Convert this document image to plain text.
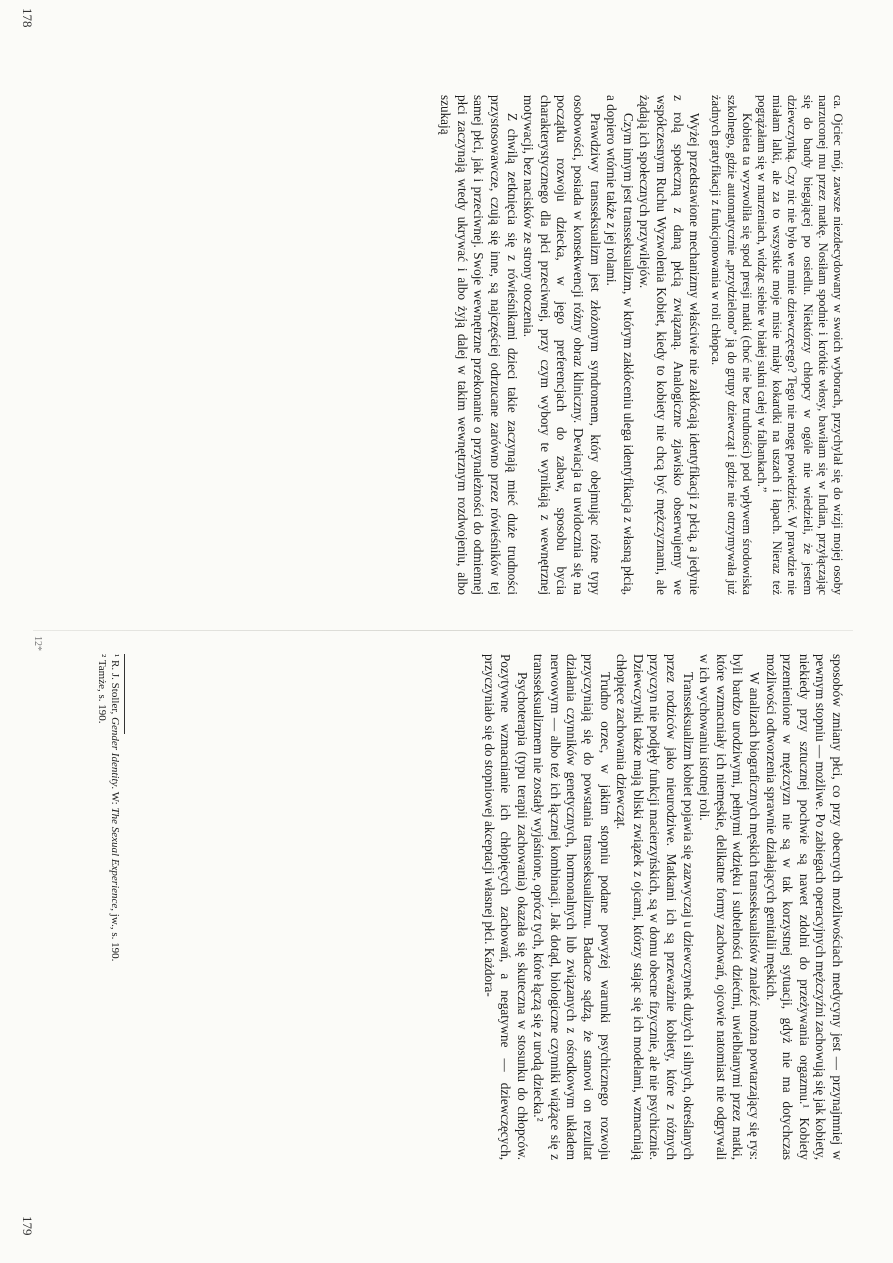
ca. Ojciec mój, zawsze niezdecydowany w swoich wyborach, przychylał się do wizji mojej osoby narzuconej mu przez matkę. Nosiłam spodnie i krótkie włosy, bawiłam się w Indian, przyłączając się do bandy biegającej po osiedlu. Niektórzy chłopcy w ogóle nie wiedzieli, że jestem dziewczynką. Czy nic nie było we mnie dziewczęcego? Tego nie mogę powiedzieć. W prawdzie nie miałam lalki, ale za to wszystkie moje misie miały kokardki na uszach i łapach. Nieraz też pogrążałam się w marzeniach, widząc siebie w białej sukni całej w falbankach.”

Kobieta ta wyzwoliła się spod presji matki (choć nie bez trudności) pod wpływem środowiska szkolnego, gdzie automatycznie „przydzielono” ją do grupy dziewcząt i gdzie nie otrzymywała już żadnych gratyfikacji z funkcjonowania w roli chłopca.

Wyżej przedstawione mechanizmy właściwie nie zakłócają identyfikacji z płcią, a jedynie z rolą społeczną z daną płcią związaną. Analogiczne zjawisko obserwujemy we współczesnym Ruchu Wyzwolenia Kobiet, kiedy to kobiety nie chcą być mężczyznami, ale żądają ich społecznych przywilejów.

Czym innym jest transseksualizm, w którym zakłóceniu ulega identyfikacja z własną płcią, a dopiero wtórnie także z jej rolami.

Prawdziwy transseksualizm jest złożonym syndromem, który obejmując różne typy osobowości, posiada w konsekwencji różny obraz kliniczny. Dewiacja ta uwidocznia się na początku rozwoju dziecka, w jego preferencjach do zabaw, sposobu bycia charakterystycznego dla płci przeciwnej, przy czym wybory te wynikają z wewnętrznej motywacji, bez nacisków ze strony otoczenia.

Z chwilą zetknięcia się z rówieśnikami dzieci takie zaczynają mieć duże trudności przystosowawcze, czują się inne, są najczęściej odrzucane zarówno przez rówieśników tej samej płci, jak i przeciwnej. Swoje wewnętrzne przekonanie o przynależności do odmiennej płci zaczynają wtedy ukrywać i albo żyją dalej w takim wewnętrznym rozdwojeniu, albo szukają

178
12*

sposobów zmiany płci, co przy obecnych możliwościach medycyny jest — przynajmniej w pewnym stopniu — możliwe. Po zabiegach operacyjnych mężczyźni zachowują się jak kobiety, niekiedy przy sztucznej pochwie są nawet zdolni do przeżywania orgazmu.¹ Kobiety przemienione w mężczyzn nie są w tak korzystnej sytuacji, gdyż nie ma dotychczas możliwości odtworzenia sprawnie działających genitalii męskich.

W analizach biograficznych męskich transseksualistów znaleźć można powtarzający się rys: byli bardzo urodziwymi, pełnymi wdzięku i subtelności dziećmi, uwielbianymi przez matki, które wzmacniały ich niemęskie, delikatne formy zachowań, ojcowie natomiast nie odgrywali w ich wychowaniu istotnej roli.

Transseksualizm kobiet pojawia się zazwyczaj u dziewczynek dużych i silnych, określanych przez rodziców jako nieurodziwe. Matkami ich są przeważnie kobiety, które z różnych przyczyn nie podjęły funkcji macierzyńskich, są w domu obecne fizycznie, ale nie psychicznie. Dziewczynki także mają bliski związek z ojcami, którzy stając się ich modelami, wzmacniają chłopięce zachowania dziewcząt.

Trudno orzec, w jakim stopniu podane powyżej warunki psychicznego rozwoju przyczyniają się do powstania transseksualizmu. Badacze sądzą, że stanowi on rezultat działania czynników genetycznych, hormonalnych lub związanych z ośrodkowym układem nerwowym — albo też ich łącznej kombinacji. Jak dotąd, biologiczne czynniki wiążące się z transseksualizmem nie zostały wyjaśnione, oprócz tych, które łączą się z urodą dziecka.²

Psychoterapia (typu terapii zachowania) okazała się skuteczna w stosunku do chłopców. Pozytywne wzmacnianie ich chłopięcych zachowań, a negatywne — dziewczęcych, przyczyniało się do stopniowej akceptacji własnej płci. Każdora-

¹ R. J. Stoller, Gender Identity. W: The Sexual Experience, jw., s. 190.
² Tamże, s. 190.
179
